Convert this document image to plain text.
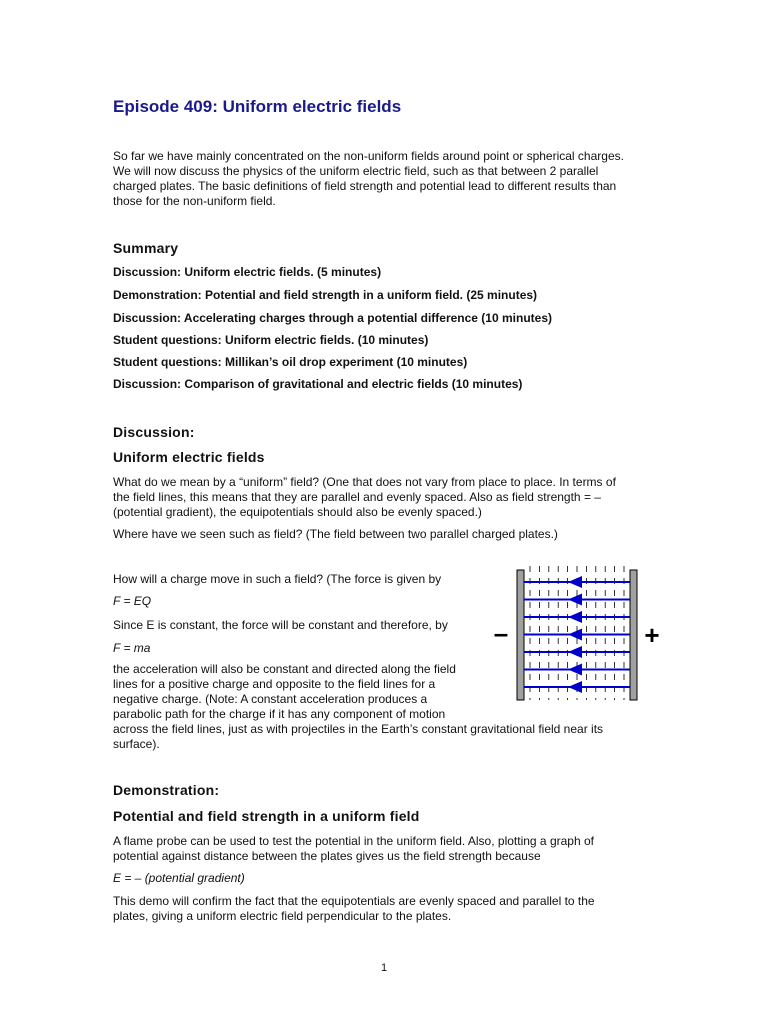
Episode 409: Uniform electric fields

So far we have mainly concentrated on the non-uniform fields around point or spherical charges.

We will now discuss the physics of the uniform electric field, such as that between 2 parallel

charged plates. The basic definitions of field strength and potential lead to different results than

those for the non-uniform field.

Summary

Discussion: Uniform electric fields. (5 minutes)

Demonstration: Potential and field strength in a uniform field. (25 minutes)

Discussion: Accelerating charges through a potential difference (10 minutes)

Student questions: Uniform electric fields. (10 minutes)

Student questions: Millikan’s oil drop experiment (10 minutes)

Discussion: Comparison of gravitational and electric fields (10 minutes)

Discussion:
Uniform electric fields

What do we mean by a “uniform” field? (One that does not vary from place to place. In terms of

the field lines, this means that they are parallel and evenly spaced. Also as field strength = –

(potential gradient), the equipotentials should also be evenly spaced.)

Where have we seen such as field? (The field between two parallel charged plates.)

How will a charge move in such a field? (The force is given by

F = EQ

Since E is constant, the force will be constant and therefore, by

F = ma

the acceleration will also be constant and directed along the field

lines for a positive charge and opposite to the field lines for a

negative charge. (Note: A constant acceleration produces a

parabolic path for the charge if it has any component of motion

across the field lines, just as with projectiles in the Earth’s constant gravitational field near its

surface).

Demonstration:
Potential and field strength in a uniform field

A flame probe can be used to test the potential in the uniform field. Also, plotting a graph of

potential against distance between the plates gives us the field strength because

E = – (potential gradient)

This demo will confirm the fact that the equipotentials are evenly spaced and parallel to the

plates, giving a uniform electric field perpendicular to the plates.

–	+
1
